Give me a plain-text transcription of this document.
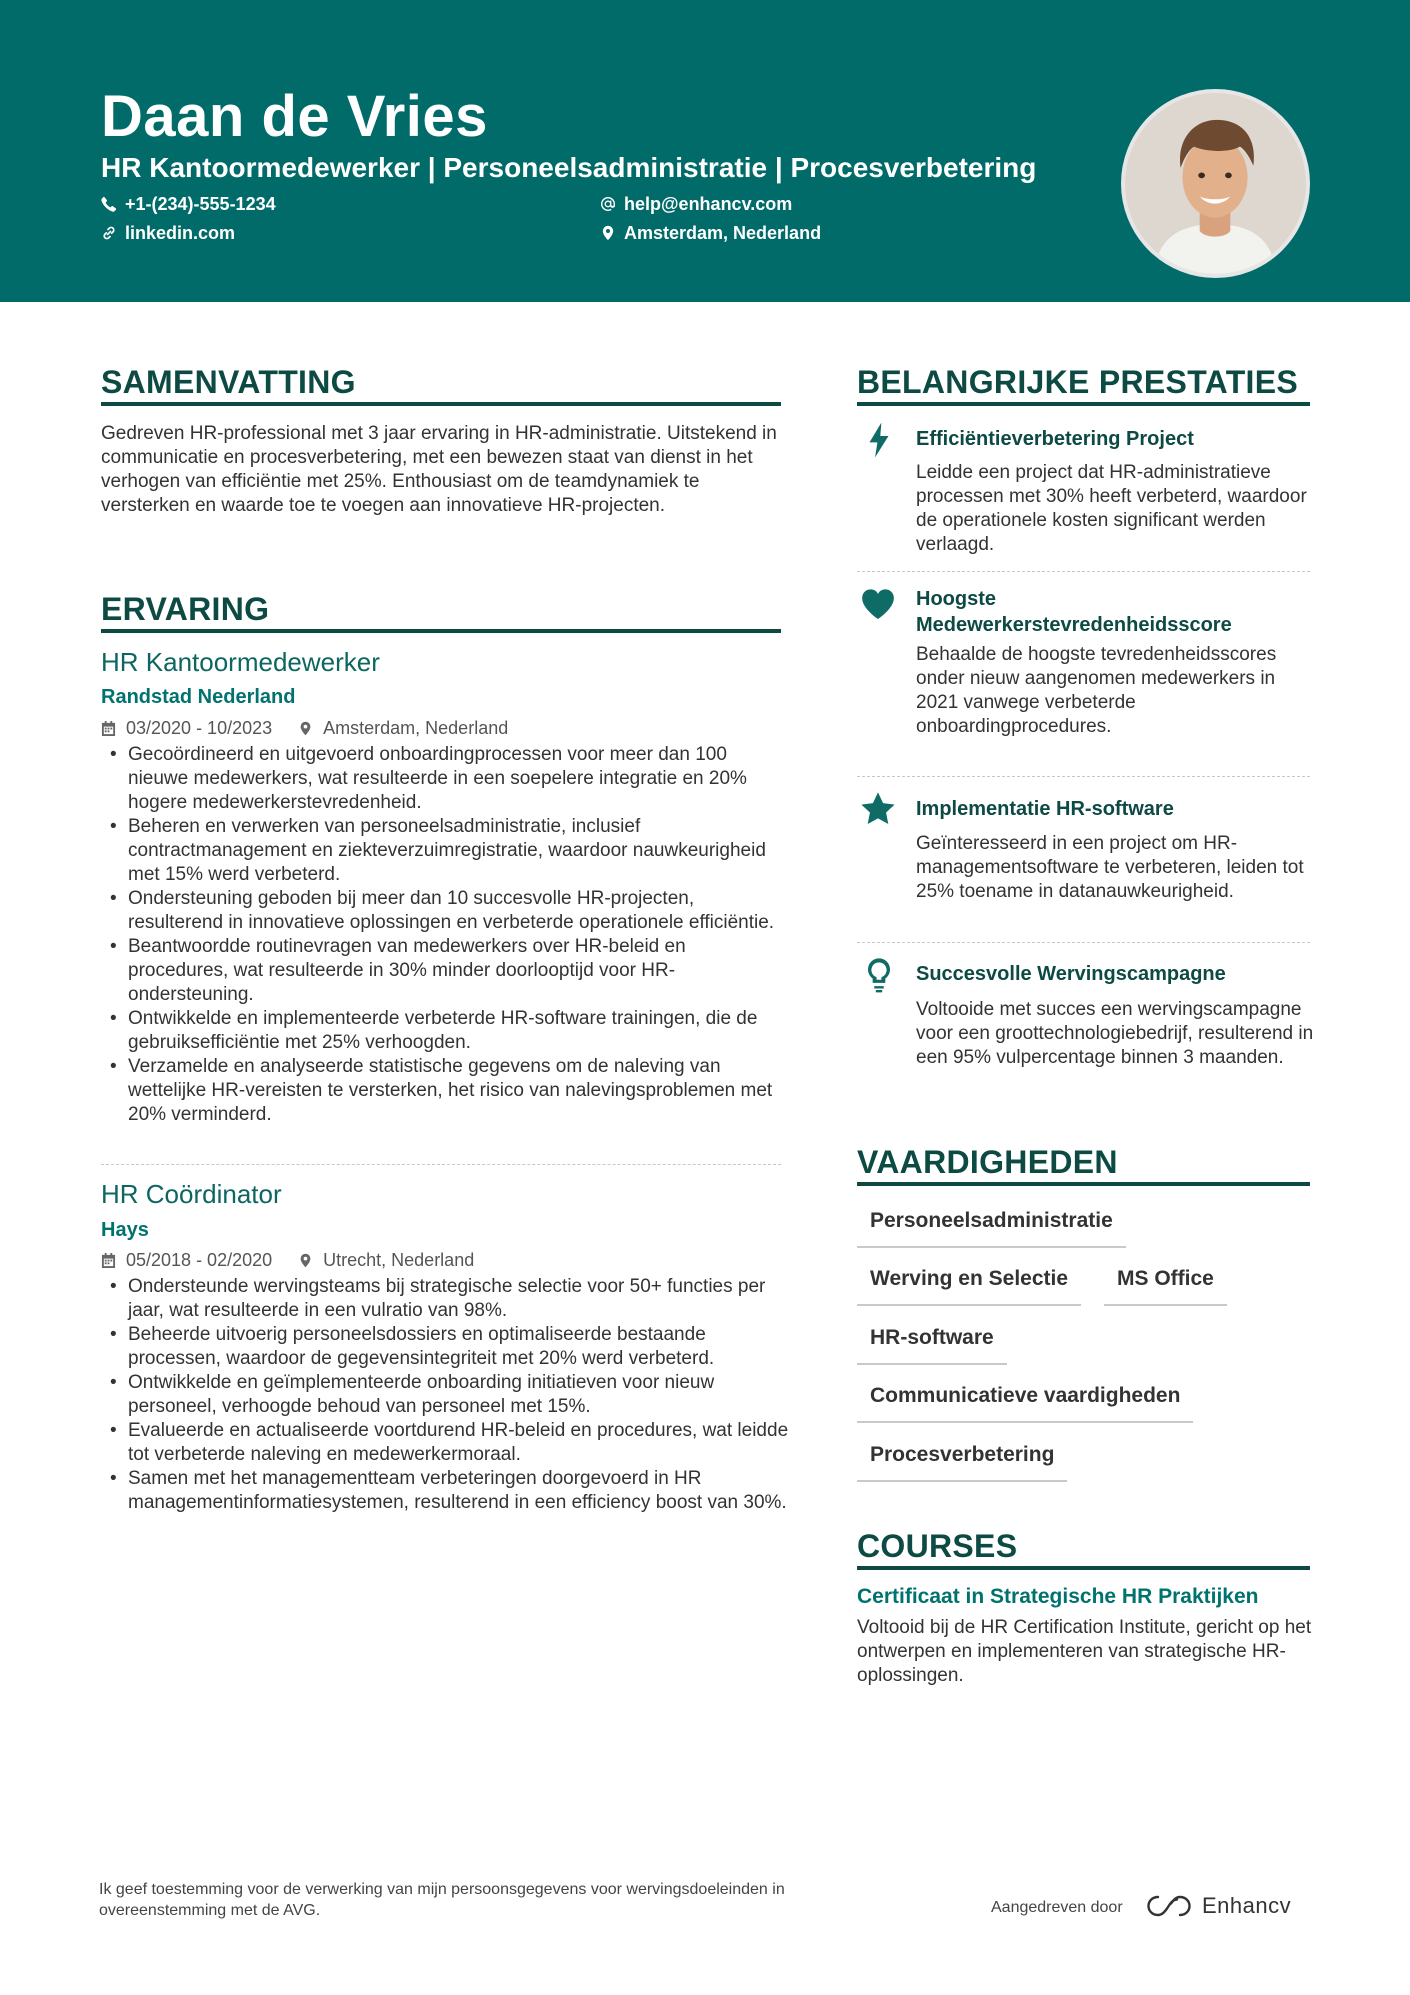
Daan de Vries
HR Kantoormedewerker | Personeelsadministratie | Procesverbetering
+1-(234)-555-1234	help@enhancv.com
linkedin.com	Amsterdam, Nederland
SAMENVATTING
Gedreven HR-professional met 3 jaar ervaring in HR-administratie. Uitstekend in communicatie en procesverbetering, met een bewezen staat van dienst in het verhogen van efficiëntie met 25%. Enthousiast om de teamdynamiek te versterken en waarde toe te voegen aan innovatieve HR-projecten.
ERVARING
HR Kantoormedewerker
Randstad Nederland
03/2020 - 10/2023	Amsterdam, Nederland
• Gecoördineerd en uitgevoerd onboardingprocessen voor meer dan 100 nieuwe medewerkers, wat resulteerde in een soepelere integratie en 20% hogere medewerkerstevredenheid.
• Beheren en verwerken van personeelsadministratie, inclusief contractmanagement en ziekteverzuimregistratie, waardoor nauwkeurigheid met 15% werd verbeterd.
• Ondersteuning geboden bij meer dan 10 succesvolle HR-projecten, resulterend in innovatieve oplossingen en verbeterde operationele efficiëntie.
• Beantwoordde routinevragen van medewerkers over HR-beleid en procedures, wat resulteerde in 30% minder doorlooptijd voor HR-ondersteuning.
• Ontwikkelde en implementeerde verbeterde HR-software trainingen, die de gebruiksefficiëntie met 25% verhoogden.
• Verzamelde en analyseerde statistische gegevens om de naleving van wettelijke HR-vereisten te versterken, het risico van nalevingsproblemen met 20% verminderd.
HR Coördinator
Hays
05/2018 - 02/2020	Utrecht, Nederland
• Ondersteunde wervingsteams bij strategische selectie voor 50+ functies per jaar, wat resulteerde in een vulratio van 98%.
• Beheerde uitvoerig personeelsdossiers en optimaliseerde bestaande processen, waardoor de gegevensintegriteit met 20% werd verbeterd.
• Ontwikkelde en geïmplementeerde onboarding initiatieven voor nieuw personeel, verhoogde behoud van personeel met 15%.
• Evalueerde en actualiseerde voortdurend HR-beleid en procedures, wat leidde tot verbeterde naleving en medewerkermoraal.
• Samen met het managementteam verbeteringen doorgevoerd in HR managementinformatiesystemen, resulterend in een efficiency boost van 30%.
BELANGRIJKE PRESTATIES
Efficiëntieverbetering Project
Leidde een project dat HR-administratieve processen met 30% heeft verbeterd, waardoor de operationele kosten significant werden verlaagd.
Hoogste Medewerkerstevredenheidsscore
Behaalde de hoogste tevredenheidsscores onder nieuw aangenomen medewerkers in 2021 vanwege verbeterde onboardingprocedures.
Implementatie HR-software
Geïnteresseerd in een project om HR-managementsoftware te verbeteren, leiden tot 25% toename in datanauwkeurigheid.
Succesvolle Wervingscampagne
Voltooide met succes een wervingscampagne voor een groottechnologiebedrijf, resulterend in een 95% vulpercentage binnen 3 maanden.
VAARDIGHEDEN
Personeelsadministratie
Werving en Selectie	MS Office
HR-software
Communicatieve vaardigheden
Procesverbetering
COURSES
Certificaat in Strategische HR Praktijken
Voltooid bij de HR Certification Institute, gericht op het ontwerpen en implementeren van strategische HR-oplossingen.
Ik geef toestemming voor de verwerking van mijn persoonsgegevens voor wervingsdoeleinden in overeenstemming met de AVG.	Aangedreven door	Enhancv
